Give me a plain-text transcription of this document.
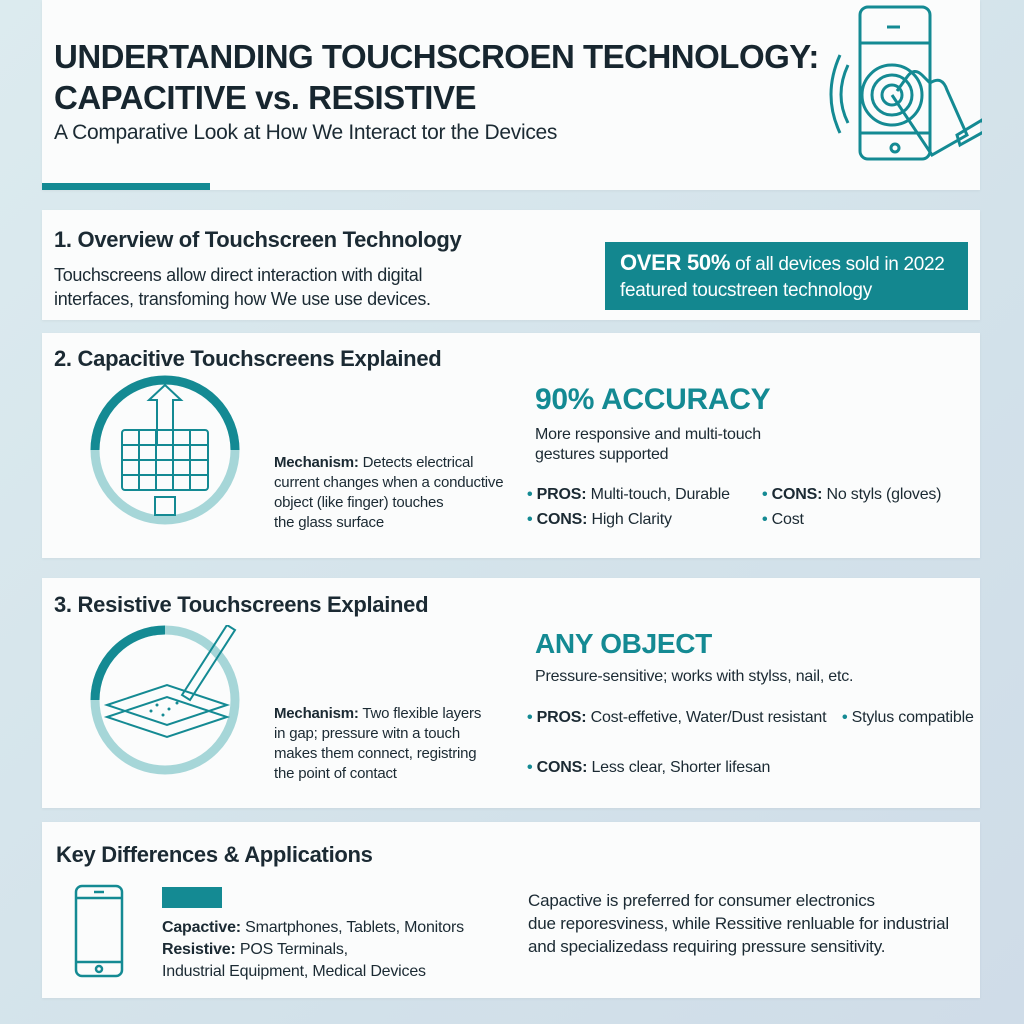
UNDERTANDING TOUCHSCROEN TECHNOLOGY:
CAPACITIVE vs. RESISTIVE
A Comparative Look at How We Interact tor the Devices
1. Overview of Touchscreen Technology
Touchscreens allow direct interaction with digital
interfaces, transfoming how We use use devices.
OVER 50% of all devices sold in 2022
featured toucstreen technology
2. Capacitive Touchscreens Explained
Mechanism: Detects electrical
current changes when a conductive
object (like finger) touches
the glass surface
90% ACCURACY
More responsive and multi-touch
gestures supported
• PROS: Multi-touch, Durable
• CONS: High Clarity
• CONS: No styls (gloves)
• Cost
3. Resistive Touchscreens Explained
Mechanism: Two flexible layers
in gap; pressure witn a touch
makes them connect, registring
the point of contact
ANY OBJECT
Pressure-sensitive; works with stylss, nail, etc.
• PROS: Cost-effetive, Water/Dust resistant	• Stylus compatible
• CONS: Less clear, Shorter lifesan
Key Differences & Applications
Capactive: Smartphones, Tablets, Monitors
Resistive: POS Terminals,
Industrial Equipment, Medical Devices
Capactive is preferred for consumer electronics
due reporesviness, while Ressitive renluable for industrial
and specializedass requiring pressure sensitivity.
